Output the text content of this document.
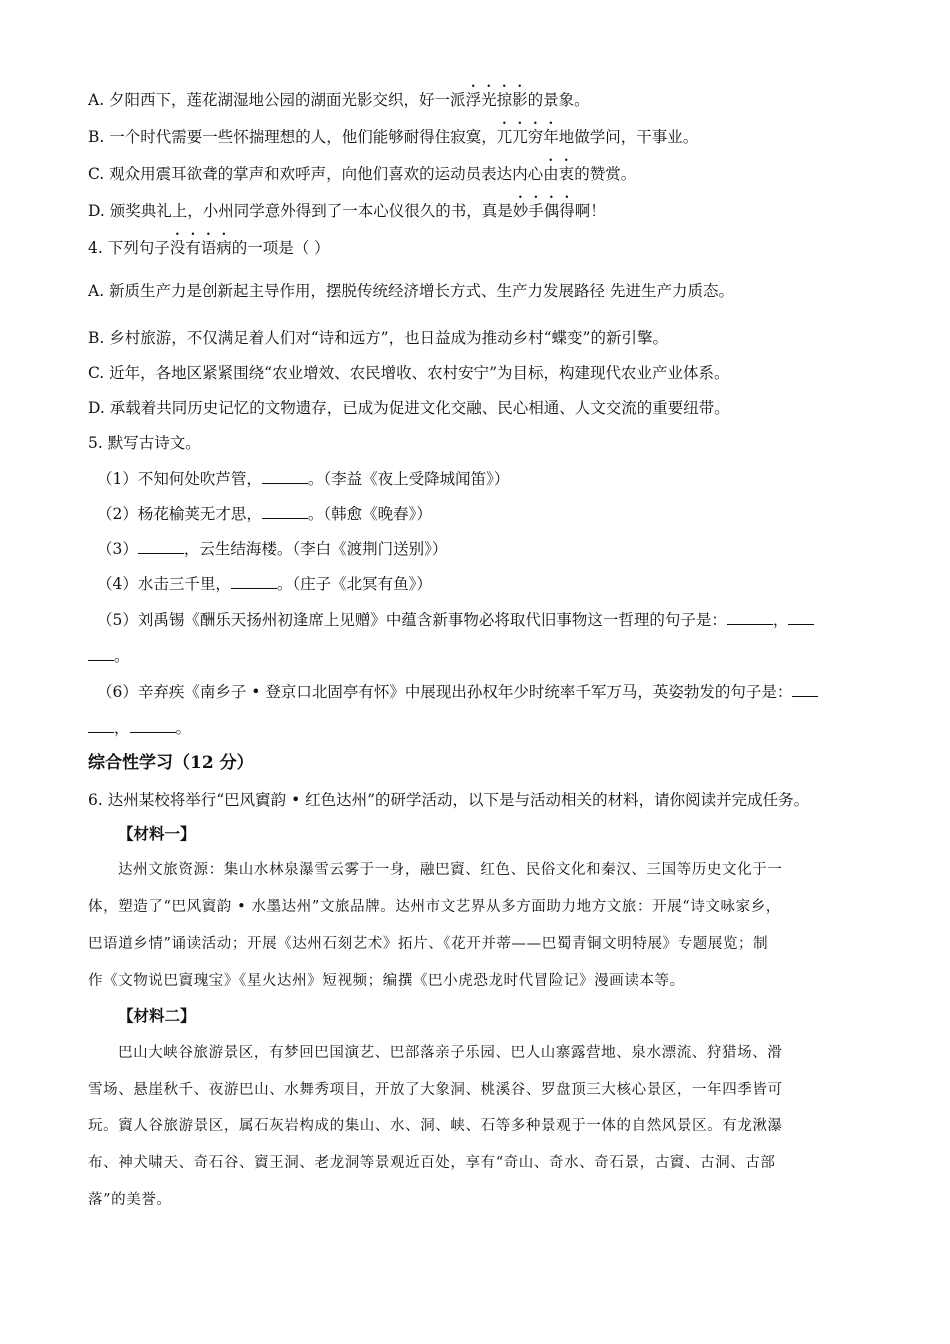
A. 夕阳西下，莲花湖湿地公园的湖面光影交织，好一派浮光掠影的景象。
B. 一个时代需要一些怀揣理想的人，他们能够耐得住寂寞，兀兀穷年地做学问，干事业。
C. 观众用震耳欲聋的掌声和欢呼声，向他们喜欢的运动员表达内心由衷的赞赏。
D. 颁奖典礼上，小州同学意外得到了一本心仪很久的书，真是妙手偶得啊！
4. 下列句子没有语病的一项是（ ）
A. 新质生产力是创新起主导作用，摆脱传统经济增长方式、生产力发展路径 先进生产力质态。
B. 乡村旅游，不仅满足着人们对“诗和远方”，也日益成为推动乡村“蝶变”的新引擎。
C. 近年，各地区紧紧围绕“农业增效、农民增收、农村安宁”为目标，构建现代农业产业体系。
D. 承载着共同历史记忆的文物遗存，已成为促进文化交融、民心相通、人文交流的重要纽带。
5. 默写古诗文。
（1）不知何处吹芦管，	。（李益《夜上受降城闻笛》）
（2）杨花榆荚无才思，	。（韩愈《晚春》）
（3）	，云生结海楼。（李白《渡荆门送别》）
（4）水击三千里，	。（庄子《北冥有鱼》）
（5）刘禹锡《酬乐天扬州初逢席上见赠》中蕴含新事物必将取代旧事物这一哲理的句子是：	，
。
（6）辛弃疾《南乡子 • 登京口北固亭有怀》中展现出孙权年少时统率千军万马，英姿勃发的句子是：
，	。
综合性学习（12 分）
6. 达州某校将举行“巴风賨韵 • 红色达州”的研学活动，以下是与活动相关的材料，请你阅读并完成任务。
【材料一】
达州文旅资源：集山水林泉瀑雪云雾于一身，融巴賨、红色、民俗文化和秦汉、三国等历史文化于一
体，塑造了“巴风賨韵 • 水墨达州”文旅品牌。达州市文艺界从多方面助力地方文旅：开展“诗文咏家乡，
巴语道乡情”诵读活动；开展《达州石刻艺术》拓片、《花开并蒂——巴蜀青铜文明特展》专题展览；制
作《文物说巴賨瑰宝》《星火达州》短视频；编撰《巴小虎恐龙时代冒险记》漫画读本等。
【材料二】
巴山大峡谷旅游景区，有梦回巴国演艺、巴部落亲子乐园、巴人山寨露营地、泉水漂流、狩猎场、滑
雪场、悬崖秋千、夜游巴山、水舞秀项目，开放了大象洞、桃溪谷、罗盘顶三大核心景区，一年四季皆可
玩。賨人谷旅游景区，属石灰岩构成的集山、水、洞、峡、石等多种景观于一体的自然风景区。有龙湫瀑
布、神犬啸天、奇石谷、賨王洞、老龙洞等景观近百处，享有“奇山、奇水、奇石景，古賨、古洞、古部
落”的美誉。
